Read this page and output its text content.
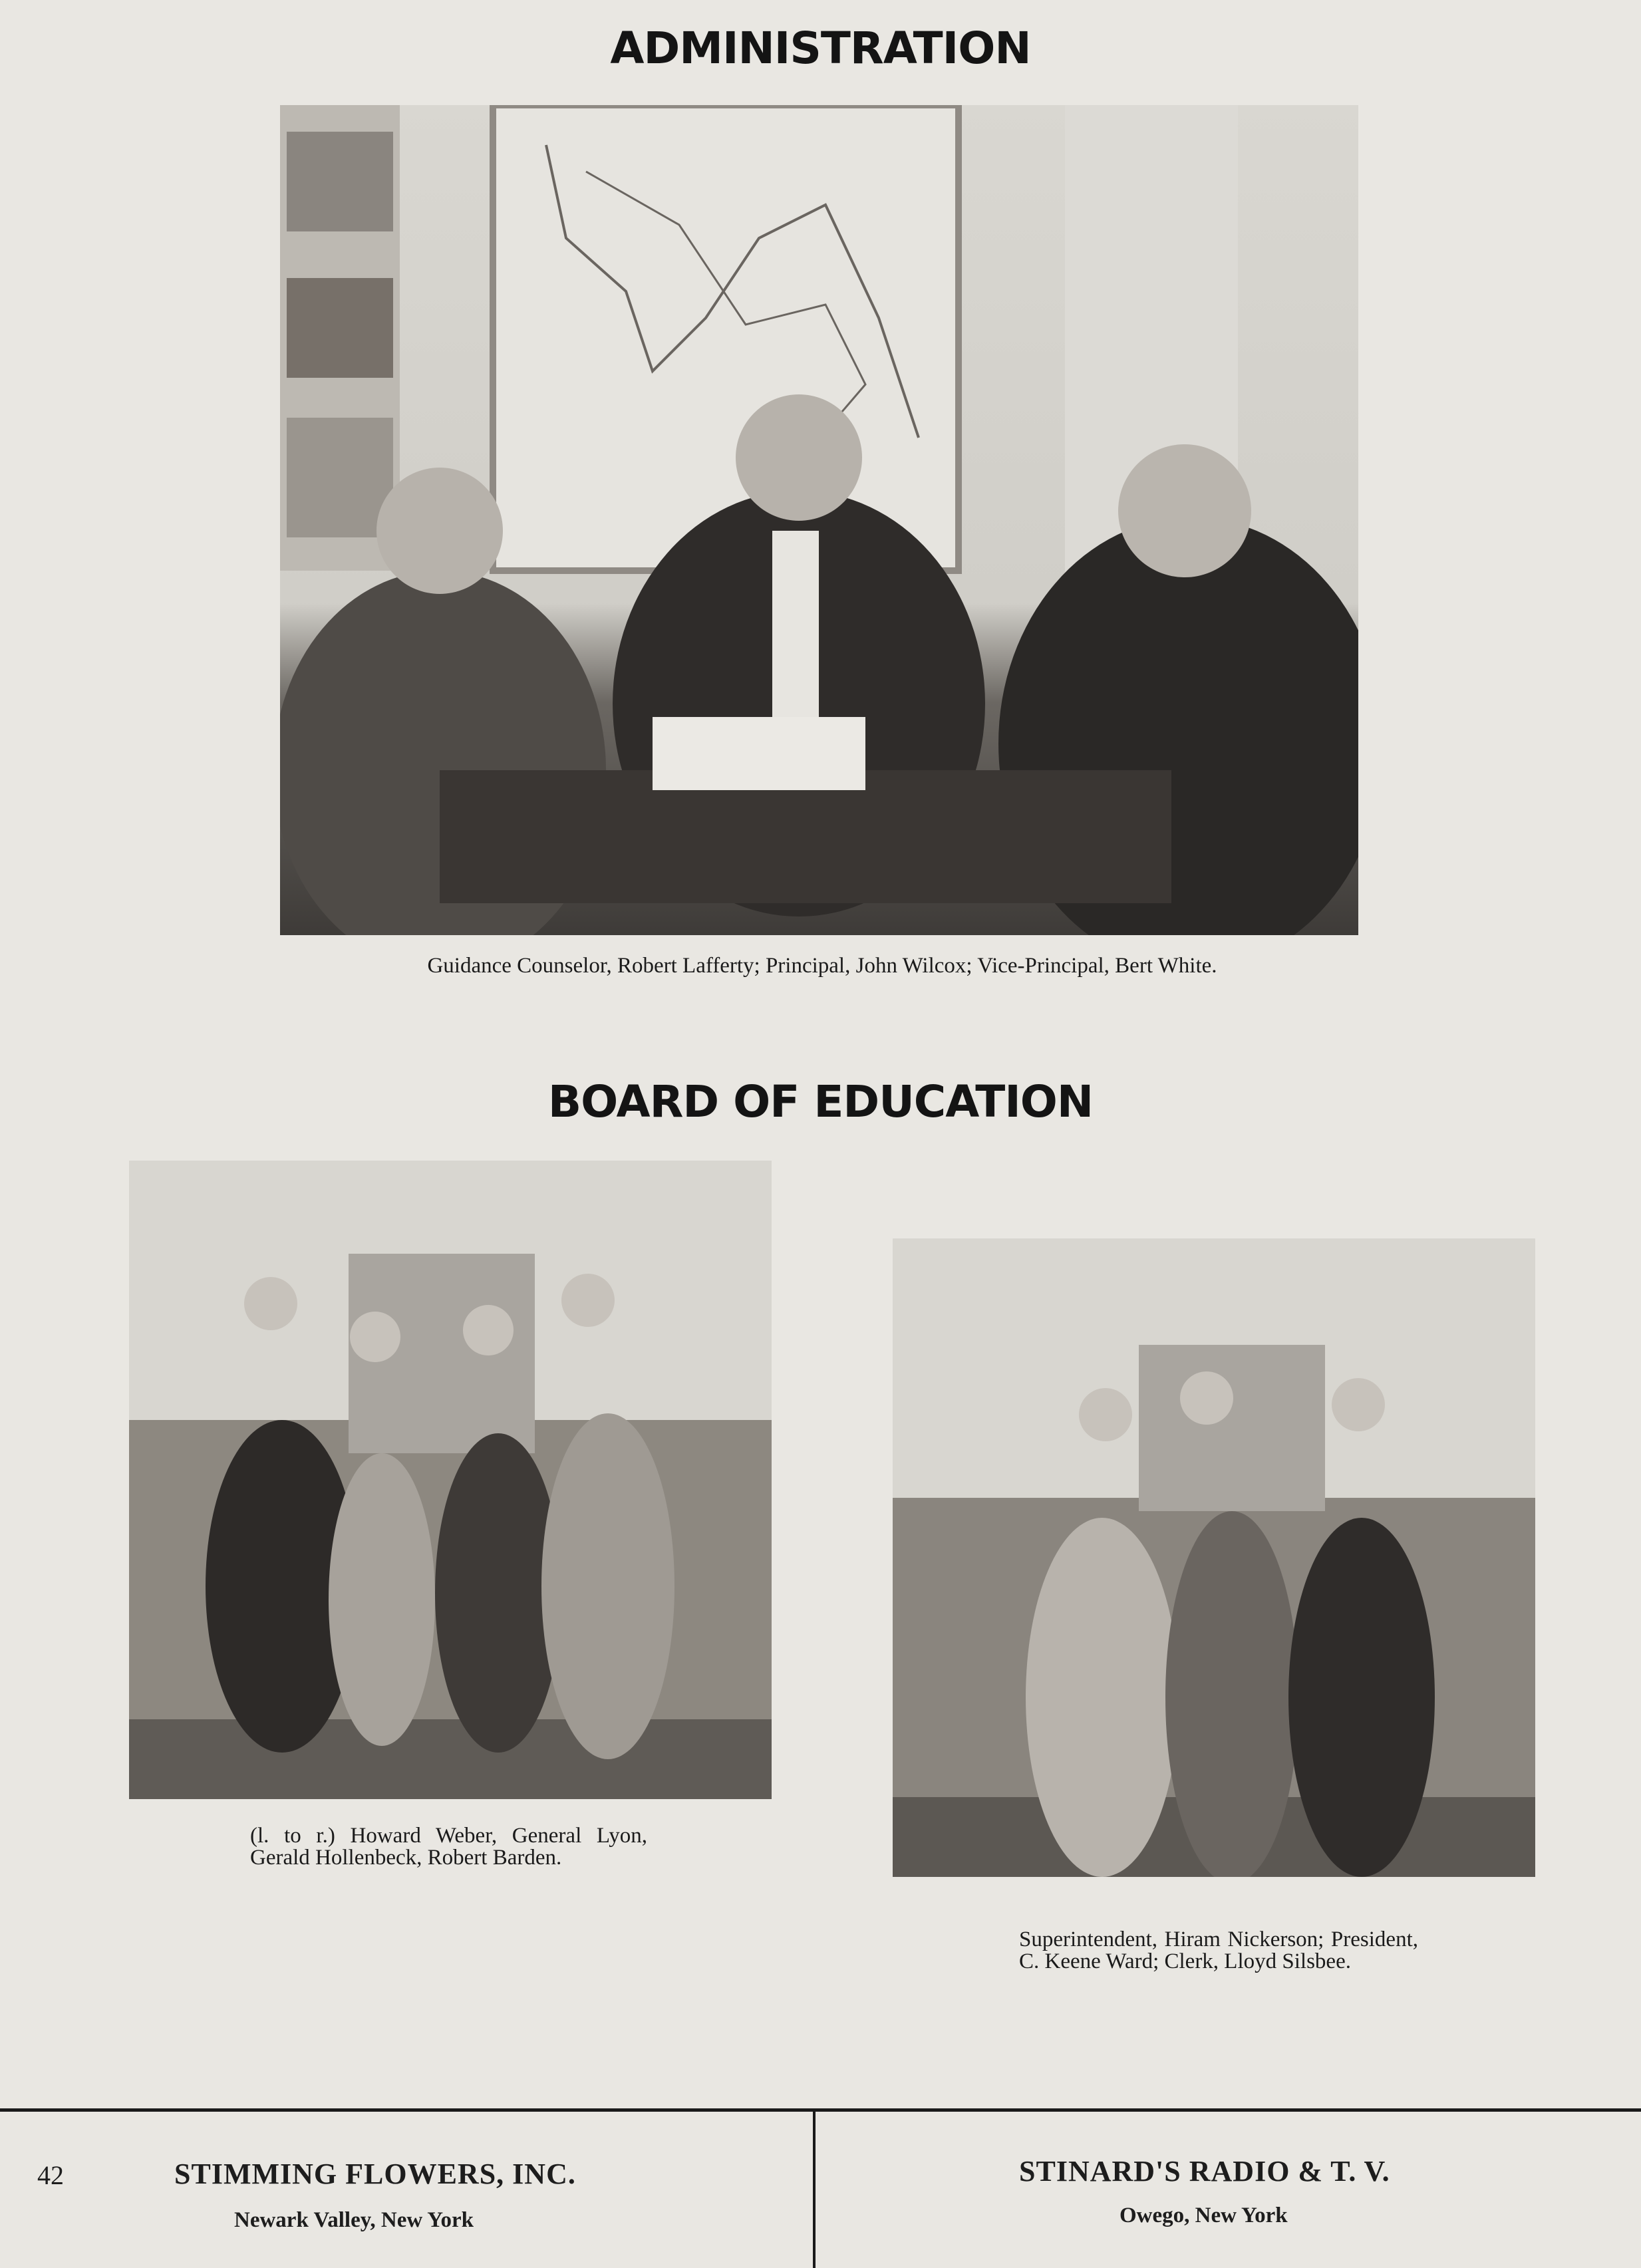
ADMINISTRATION
Guidance Counselor, Robert Lafferty; Principal, John Wilcox; Vice-Principal, Bert White.
BOARD OF EDUCATION
(l. to r.) Howard Weber, General Lyon, Gerald Hollenbeck, Robert Barden.
Superintendent, Hiram Nickerson; President, C. Keene Ward; Clerk, Lloyd Silsbee.
42	STIMMING FLOWERS, INC.
Newark Valley, New York
STINARD'S RADIO & T. V.
Owego, New York
